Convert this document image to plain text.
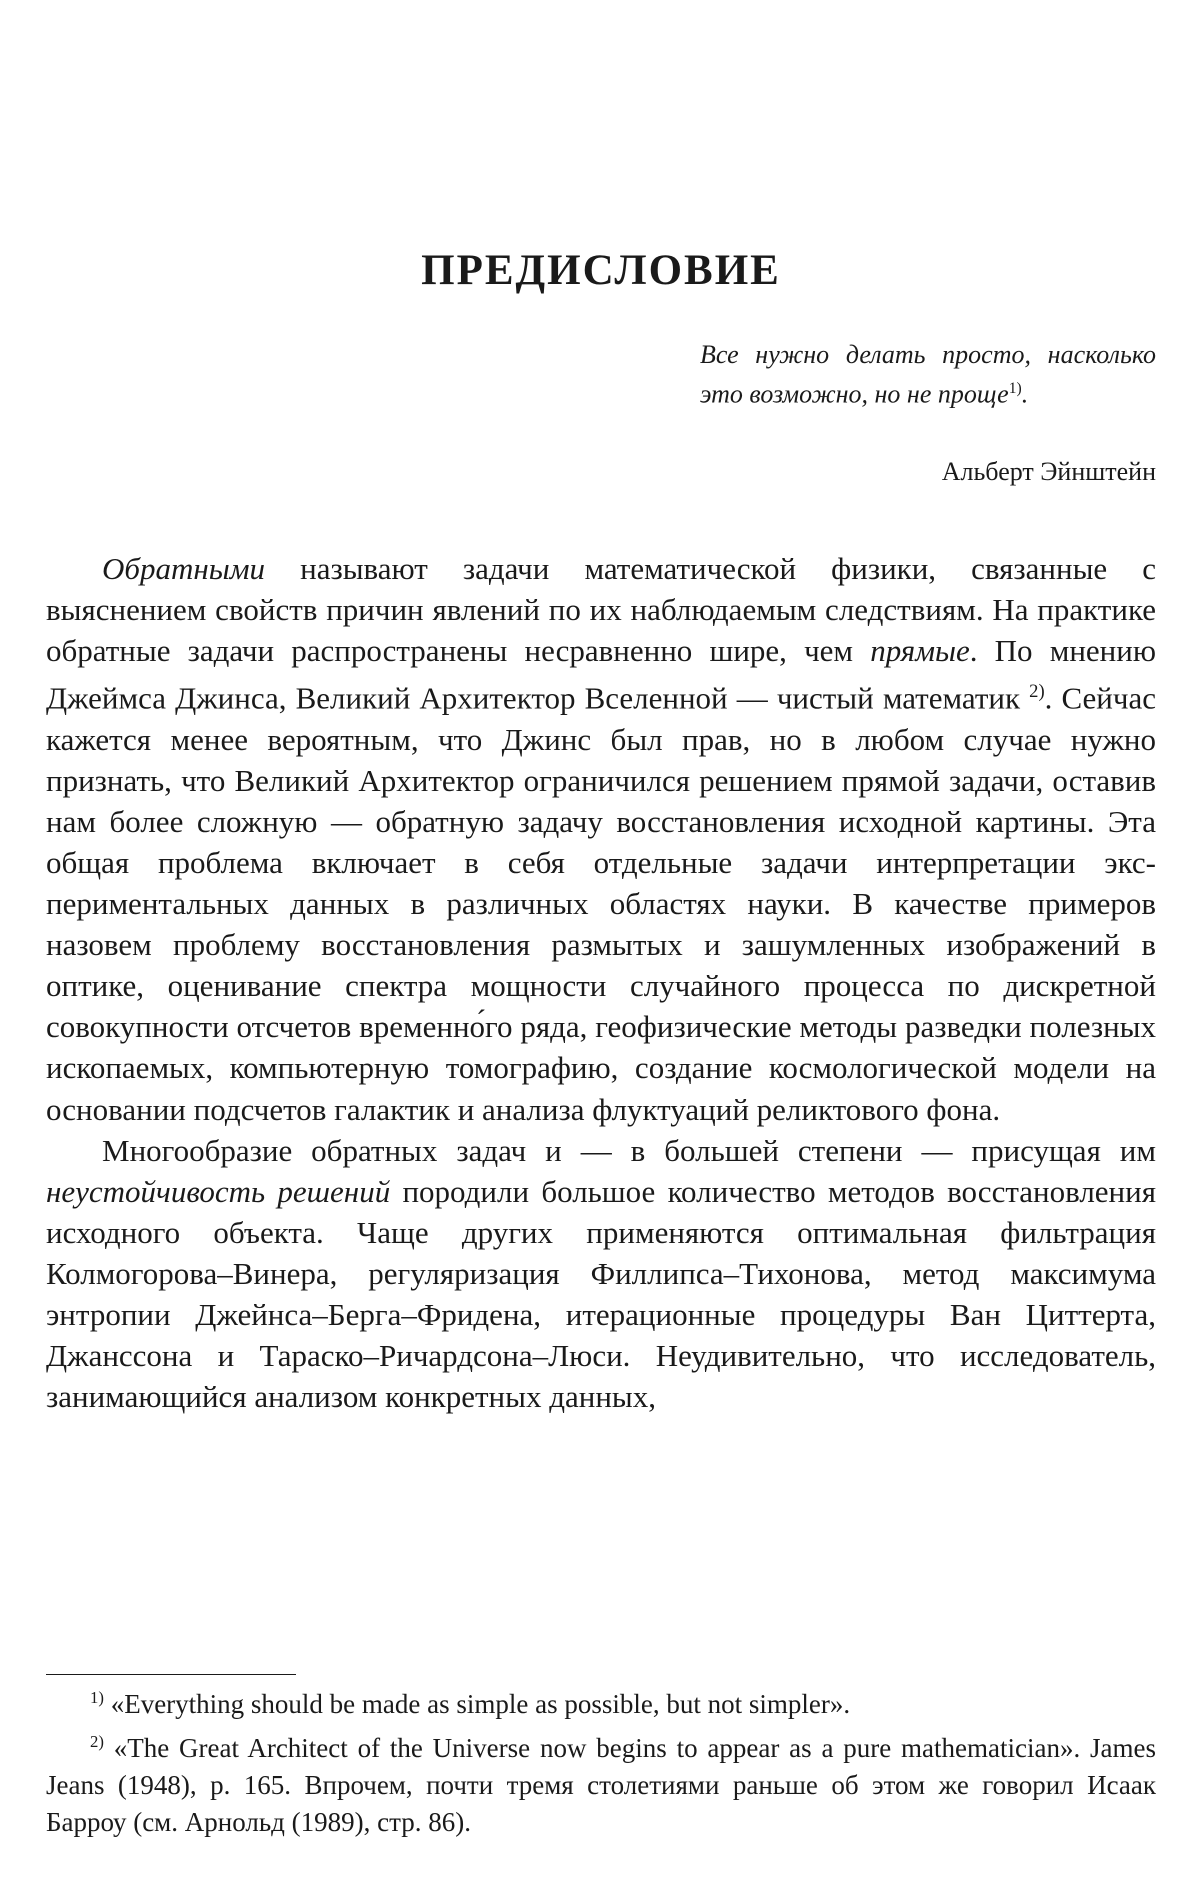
ПРЕДИСЛОВИЕ
Все нужно делать просто, насколько это возможно, но не проще$^{1)}$.
Альберт Эйнштейн

Обратными называют задачи математической физики, связанные с выяснением свойств причин явлений по их наблюдаемым следствиям. На практике обратные задачи распространены несравненно шире, чем прямые. По мнению Джеймса Джинса, Великий Архитектор Вселенной — чистый математик $^{2)}$. Сейчас кажется менее вероятным, что Джинс был прав, но в любом случае нужно признать, что Великий Архитектор ограничился решением прямой задачи, оставив нам более сложную — обратную задачу восстановления исходной картины. Эта общая проблема включает в себя отдельные задачи интерпретации экспериментальных данных в различных областях науки. В качестве примеров назовем проблему восстановления размытых и зашумленных изображений в оптике, оценивание спектра мощности случайного процесса по дискретной совокупности отсчетов временно́го ряда, геофизические методы разведки полезных ископаемых, компьютерную томографию, создание космологической модели на основании подсчетов галактик и анализа флуктуаций реликтового фона.

Многообразие обратных задач и — в большей степени — присущая им неустойчивость решений породили большое количество методов восстановления исходного объекта. Чаще других применяются оптимальная фильтрация Колмогорова–Винера, регуляризация Филлипса–Тихонова, метод максимума энтропии Джейнса–Берга–Фридена, итерационные процедуры Ван Циттерта, Джанссона и Тараско–Ричардсона–Люси. Неудивительно, что исследователь, занимающийся анализом конкретных данных,

$^{1)}$ «Everything should be made as simple as possible, but not simpler».

$^{2)}$ «The Great Architect of the Universe now begins to appear as a pure mathematician». James Jeans (1948), p. 165. Впрочем, почти тремя столетиями раньше об этом же говорил Исаак Барроу (см. Арнольд (1989), стр. 86).
